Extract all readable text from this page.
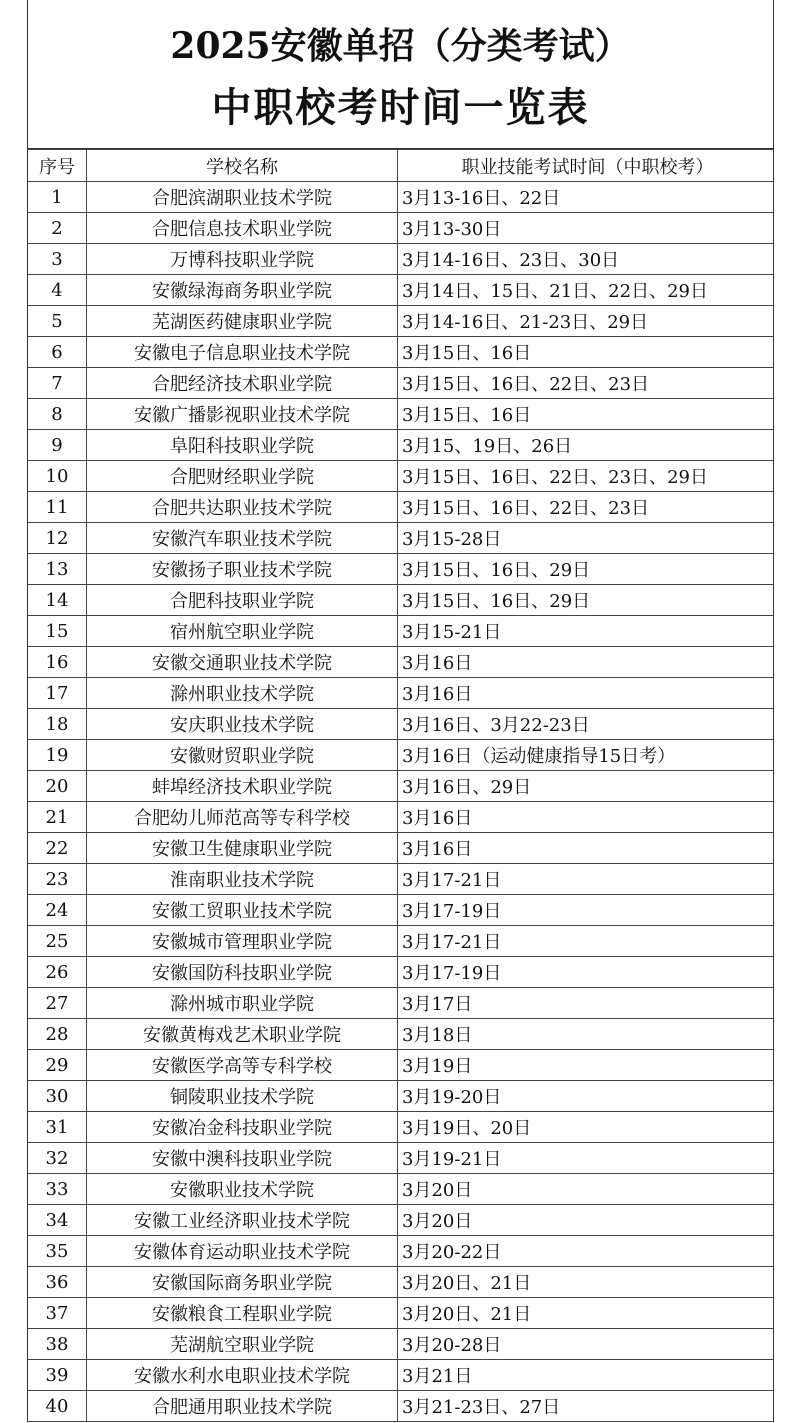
2025安徽单招（分类考试）
中职校考时间一览表
序号	学校名称	职业技能考试时间（中职校考）
1	合肥滨湖职业技术学院	3月13-16日、22日
2	合肥信息技术职业学院	3月13-30日
3	万博科技职业学院	3月14-16日、23日、30日
4	安徽绿海商务职业学院	3月14日、15日、21日、22日、29日
5	芜湖医药健康职业学院	3月14-16日、21-23日、29日
6	安徽电子信息职业技术学院	3月15日、16日
7	合肥经济技术职业学院	3月15日、16日、22日、23日
8	安徽广播影视职业技术学院	3月15日、16日
9	阜阳科技职业学院	3月15、19日、26日
10	合肥财经职业学院	3月15日、16日、22日、23日、29日
11	合肥共达职业技术学院	3月15日、16日、22日、23日
12	安徽汽车职业技术学院	3月15-28日
13	安徽扬子职业技术学院	3月15日、16日、29日
14	合肥科技职业学院	3月15日、16日、29日
15	宿州航空职业学院	3月15-21日
16	安徽交通职业技术学院	3月16日
17	滁州职业技术学院	3月16日
18	安庆职业技术学院	3月16日、3月22-23日
19	安徽财贸职业学院	3月16日（运动健康指导15日考）
20	蚌埠经济技术职业学院	3月16日、29日
21	合肥幼儿师范高等专科学校	3月16日
22	安徽卫生健康职业学院	3月16日
23	淮南职业技术学院	3月17-21日
24	安徽工贸职业技术学院	3月17-19日
25	安徽城市管理职业学院	3月17-21日
26	安徽国防科技职业学院	3月17-19日
27	滁州城市职业学院	3月17日
28	安徽黄梅戏艺术职业学院	3月18日
29	安徽医学高等专科学校	3月19日
30	铜陵职业技术学院	3月19-20日
31	安徽冶金科技职业学院	3月19日、20日
32	安徽中澳科技职业学院	3月19-21日
33	安徽职业技术学院	3月20日
34	安徽工业经济职业技术学院	3月20日
35	安徽体育运动职业技术学院	3月20-22日
36	安徽国际商务职业学院	3月20日、21日
37	安徽粮食工程职业学院	3月20日、21日
38	芜湖航空职业学院	3月20-28日
39	安徽水利水电职业技术学院	3月21日
40	合肥通用职业技术学院	3月21-23日、27日
